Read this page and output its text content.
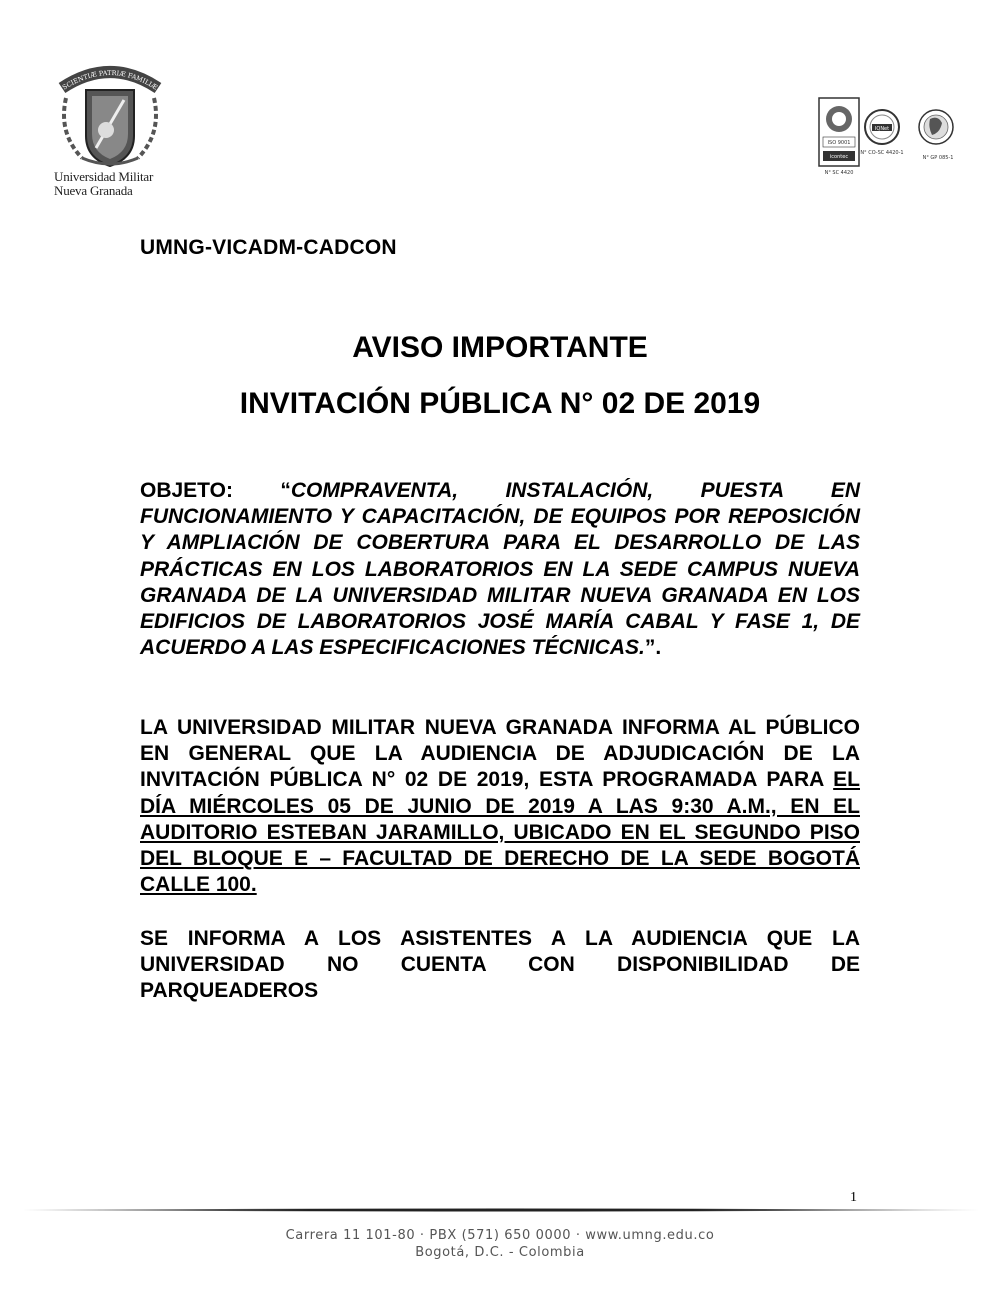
SCIENTIÆ PATRIÆ FAMILIÆ
Universidad Militar
Nueva Granada
ISO 9001
icontec
N° SC 4420
IQNet
N° CO-SC 4420-1
N° GP 085-1
UMNG-VICADM-CADCON
AVISO IMPORTANTE
INVITACIÓN PÚBLICA N° 02 DE 2019
OBJETO: “COMPRAVENTA, INSTALACIÓN, PUESTA EN FUNCIONAMIENTO Y CAPACITACIÓN, DE EQUIPOS POR REPOSICIÓN Y AMPLIACIÓN DE COBERTURA PARA EL DESARROLLO DE LAS PRÁCTICAS EN LOS LABORATORIOS EN LA SEDE CAMPUS NUEVA GRANADA DE LA UNIVERSIDAD MILITAR NUEVA GRANADA EN LOS EDIFICIOS DE LABORATORIOS JOSÉ MARÍA CABAL Y FASE 1, DE ACUERDO A LAS ESPECIFICACIONES TÉCNICAS.”.
LA UNIVERSIDAD MILITAR NUEVA GRANADA INFORMA AL PÚBLICO EN GENERAL QUE LA AUDIENCIA DE ADJUDICACIÓN DE LA INVITACIÓN PÚBLICA N° 02 DE 2019, ESTA PROGRAMADA PARA EL DÍA MIÉRCOLES 05 DE JUNIO DE 2019 A LAS 9:30 A.M., EN EL AUDITORIO ESTEBAN JARAMILLO, UBICADO EN EL SEGUNDO PISO DEL BLOQUE E – FACULTAD DE DERECHO DE LA SEDE BOGOTÁ CALLE 100.
SE INFORMA A LOS ASISTENTES A LA AUDIENCIA QUE LA UNIVERSIDAD NO CUENTA CON DISPONIBILIDAD DE PARQUEADEROS
1
Carrera 11 101-80 · PBX (571) 650 0000 · www.umng.edu.co
Bogotá, D.C. - Colombia
